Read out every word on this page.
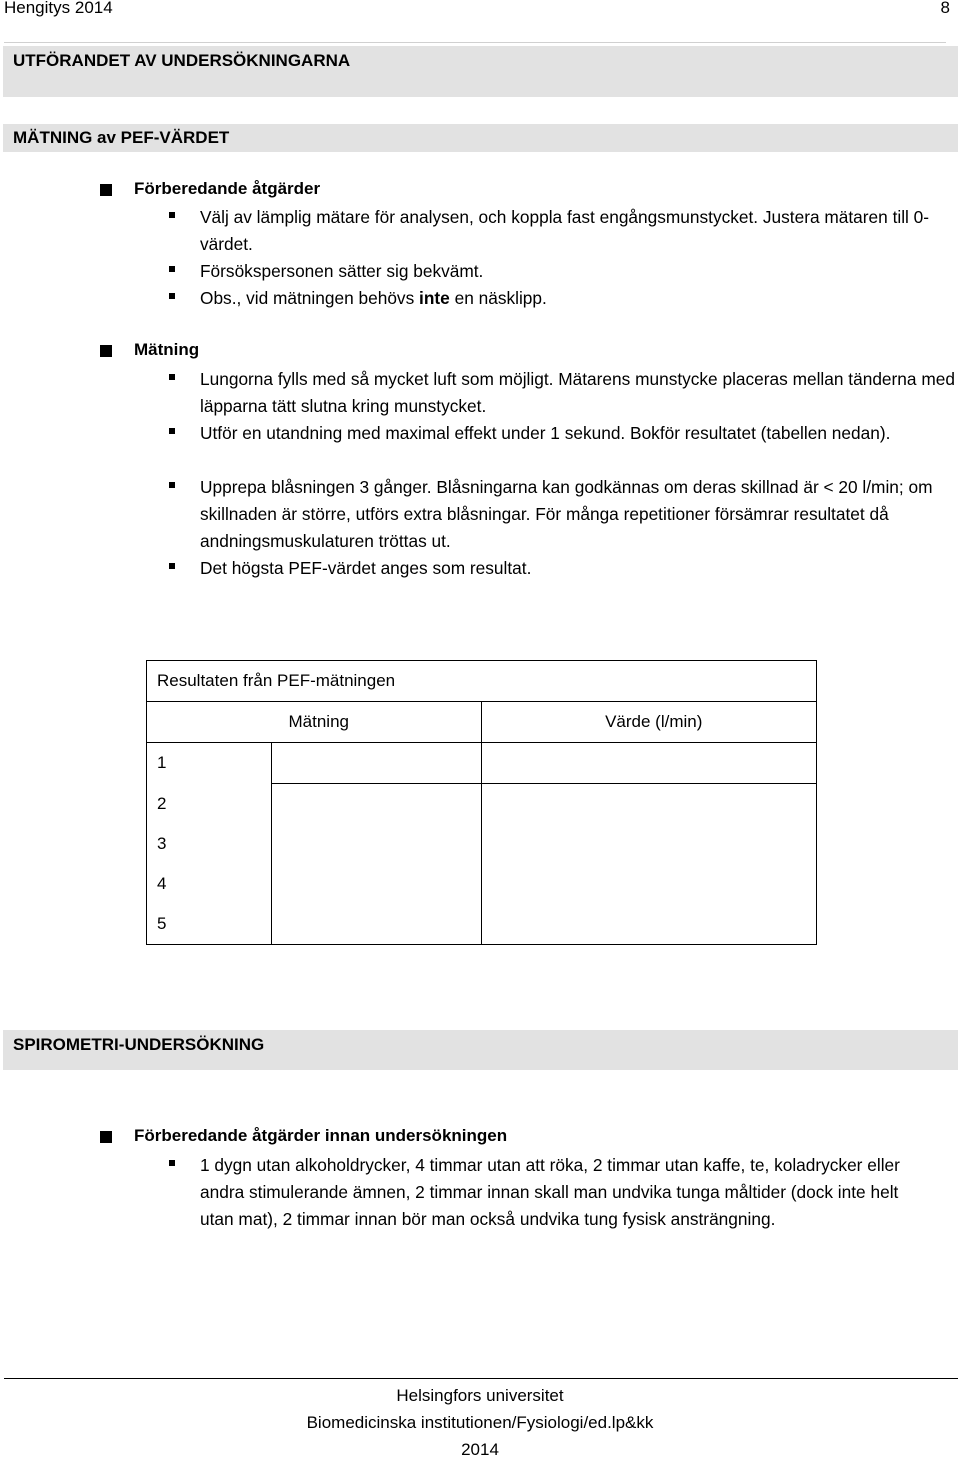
Hengitys 2014	8
UTFÖRANDET AV UNDERSÖKNINGARNA
MÄTNING av PEF-VÄRDET
Förberedande åtgärder
Välj av lämplig mätare för analysen, och koppla fast engångsmunstycket. Justera mätaren till 0-värdet.
Försökspersonen sätter sig bekvämt.
Obs., vid mätningen behövs inte en näsklipp.
Mätning
Lungorna fylls med så mycket luft som möjligt. Mätarens munstycke placeras mellan tänderna med läpparna tätt slutna kring munstycket.
Utför en utandning med maximal effekt under 1 sekund. Bokför resultatet (tabellen nedan).
Upprepa blåsningen 3 gånger. Blåsningarna kan godkännas om deras skillnad är < 20 l/min; om skillnaden är större, utförs extra blåsningar. För många repetitioner försämrar resultatet då andningsmuskulaturen tröttas ut.
Det högsta PEF-värdet anges som resultat.
Resultaten från PEF-mätningen		
Mätning		Värde (l/min)
1		
2		
3		
4		
5		
SPIROMETRI-UNDERSÖKNING
Förberedande åtgärder innan undersökningen
1 dygn utan alkoholdrycker, 4 timmar utan att röka, 2 timmar utan kaffe, te, koladrycker eller andra stimulerande ämnen, 2 timmar innan skall man undvika tunga måltider (dock inte helt utan mat), 2 timmar innan bör man också undvika tung fysisk ansträngning.
Helsingfors universitet
Biomedicinska institutionen/Fysiologi/ed.lp&kk
2014
